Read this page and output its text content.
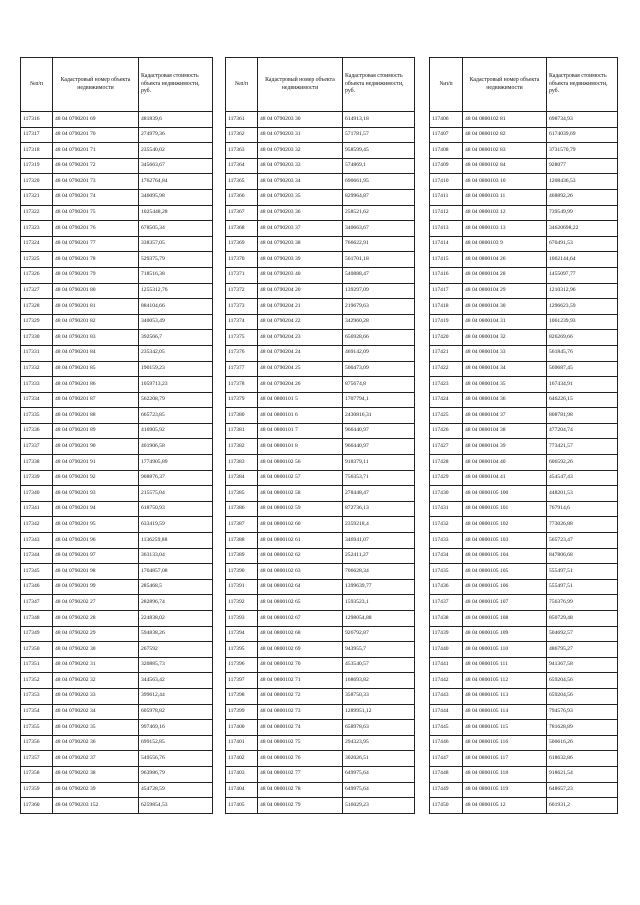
№п/п	Кадастровый номер объекта недвижимости	Кадастровая стоимость объекта недвижимости, руб.
117316	48 04 0790201 69	481839,6
117317	48 04 0790201 70	274979,36
117318	48 04 0790201 71	235540,02
117319	48 04 0790201 72	345663,67
117320	48 04 0790201 73	1762764,84
117321	48 04 0790201 74	346095,98
117322	48 04 0790201 75	1025448,28
117323	48 04 0790201 76	678505,34
117324	48 04 0790201 77	338357,05
117325	48 04 0790201 78	529375,79
117326	48 04 0790201 79	718516,38
117327	48 04 0790201 80	1255312,76
117328	48 04 0790201 81	884104,66
117329	48 04 0790201 82	340053,49
117330	48 04 0790201 83	392566,7
117331	48 04 0790201 84	235342,05
117332	48 04 0790201 85	190159,23
117333	48 04 0790201 86	1059713,23
117334	48 04 0790201 87	562208,79
117335	48 04 0790201 88	665723,85
117336	48 04 0790201 89	416905,92
117337	48 04 0790201 90	401906,58
117338	48 04 0790201 91	1774905,89
117339	48 04 0790201 92	908876,37
117340	48 04 0790201 93	215575,04
117341	48 04 0790201 94	618750,93
117342	48 04 0790201 95	633419,59
117343	48 04 0790201 96	1136259,88
117344	48 04 0790201 97	363133,04
117345	48 04 0790201 98	1764857,08
117346	48 04 0790201 99	285468,5
117347	48 04 0790202 27	282896,74
117348	48 04 0790202 28	224838,02
117349	48 04 0790202 29	594838,26
117350	48 04 0790202 30	267592
117351	48 04 0790202 31	320885,73
117352	48 04 0790202 32	344563,42
117353	48 04 0790202 33	399612,44
117354	48 04 0790202 34	605978,82
117355	48 04 0790202 35	997469,16
117356	48 04 0790202 36	699152,85
117357	48 04 0790202 37	549556,76
117358	48 04 0790202 38	963986,79
117359	48 04 0790202 39	454728,59
117360	48 04 0790203 152	6259854,53
№п/п	Кадастровый номер объекта недвижимости	Кадастровая стоимость объекта недвижимости, руб.
117361	48 04 0790203 30	614913,18
117362	48 04 0790203 31	571781,57
117363	48 04 0790203 32	958599,45
117364	48 04 0790203 33	574869,1
117365	48 04 0790203 34	690661,95
117366	48 04 0790203 35	829964,87
117367	48 04 0790203 36	258521,62
117368	48 04 0790203 37	340663,67
117369	48 04 0790203 38	766622,91
117370	48 04 0790203 39	561701,18
117371	48 04 0790203 40	540888,47
117372	48 04 0790204 20	139297,09
117373	48 04 0790204 21	219679,63
117374	48 04 0790204 22	342960,28
117375	48 04 0790204 23	656928,66
117376	48 04 0790204 24	469142,09
117377	48 04 0790204 25	500473,09
117378	48 04 0790204 26	875674,8
117379	48 04 0800101 5	1707794,1
117380	48 04 0800101 6	2430816,31
117381	48 04 0800101 7	966440,97
117382	48 04 0800101 8	966440,97
117383	48 04 0800102 56	918379,11
117384	48 04 0800102 57	756353,71
117385	48 04 0800102 58	278448,47
117386	48 04 0800102 59	872736,13
117387	48 04 0800102 60	2359218,4
117388	48 04 0800102 61	346941,07
117389	48 04 0800102 62	252411,27
117390	48 04 0800102 63	706628,34
117391	48 04 0800102 64	1399639,77
117392	48 04 0800102 65	1593523,1
117393	48 04 0800102 67	1298054,88
117394	48 04 0800102 68	926792,87
117395	48 04 0800102 69	943955,7
117396	48 04 0800102 70	453540,57
117397	48 04 0800102 71	168693,82
117398	48 04 0800102 72	358750,33
117399	48 04 0800102 73	1289951,12
117400	48 04 0800102 74	658978,63
117401	48 04 0800102 75	294323,95
117402	48 04 0800102 76	302026,51
117403	48 04 0800102 77	649975,64
117404	48 04 0800102 78	649975,64
117405	48 04 0800102 79	516029,23
№п/п	Кадастровый номер объекта недвижимости	Кадастровая стоимость объекта недвижимости, руб.
117406	48 04 0800102 81	698734,93
117407	48 04 0800102 82	6174039,69
117408	48 04 0800102 83	3731570,79
117409	48 04 0800102 84	928077
117410	48 04 0800103 10	1208436,53
117411	48 04 0800103 11	468892,26
117412	48 04 0800103 12	739549,99
117413	48 04 0800103 13	34620698,22
117414	48 04 0800103 9	670491,53
117415	48 04 0800104 26	1062144,64
117416	48 04 0800104 28	1455097,77
117417	48 04 0800104 29	1210312,96
117418	48 04 0800104 30	1296623,59
117419	48 04 0800104 31	1061239,93
117420	48 04 0800104 32	826269,66
117421	48 04 0800104 33	561845,76
117422	48 04 0800104 34	569687,45
117423	48 04 0800104 35	167434,91
117424	48 04 0800104 36	646226,15
117425	48 04 0800104 37	808781,98
117426	48 04 0800104 38	477204,74
117427	48 04 0800104 39	773421,57
117428	48 04 0800104 40	606592,26
117429	48 04 0800104 41	454547,43
117430	48 04 0800105 100	448201,53
117431	48 04 0800105 101	767914,6
117432	48 04 0800105 102	773026,88
117433	48 04 0800105 103	565723,47
117434	48 04 0800105 104	847806,68
117435	48 04 0800105 105	555497,51
117436	48 04 0800105 106	555497,51
117437	48 04 0800105 107	756376,99
117438	48 04 0800105 108	850729,48
117439	48 04 0800105 109	504692,57
117440	48 04 0800105 110	486795,27
117441	48 04 0800105 111	941367,58
117442	48 04 0800105 112	659204,56
117443	48 04 0800105 113	659204,56
117444	48 04 0800105 114	794576,93
117445	48 04 0800105 115	781628,89
117446	48 04 0800105 116	500616,26
117447	48 04 0800105 117	618632,86
117448	48 04 0800105 118	918621,54
117449	48 04 0800105 119	648657,23
117450	48 04 0800105 12	601931,2
